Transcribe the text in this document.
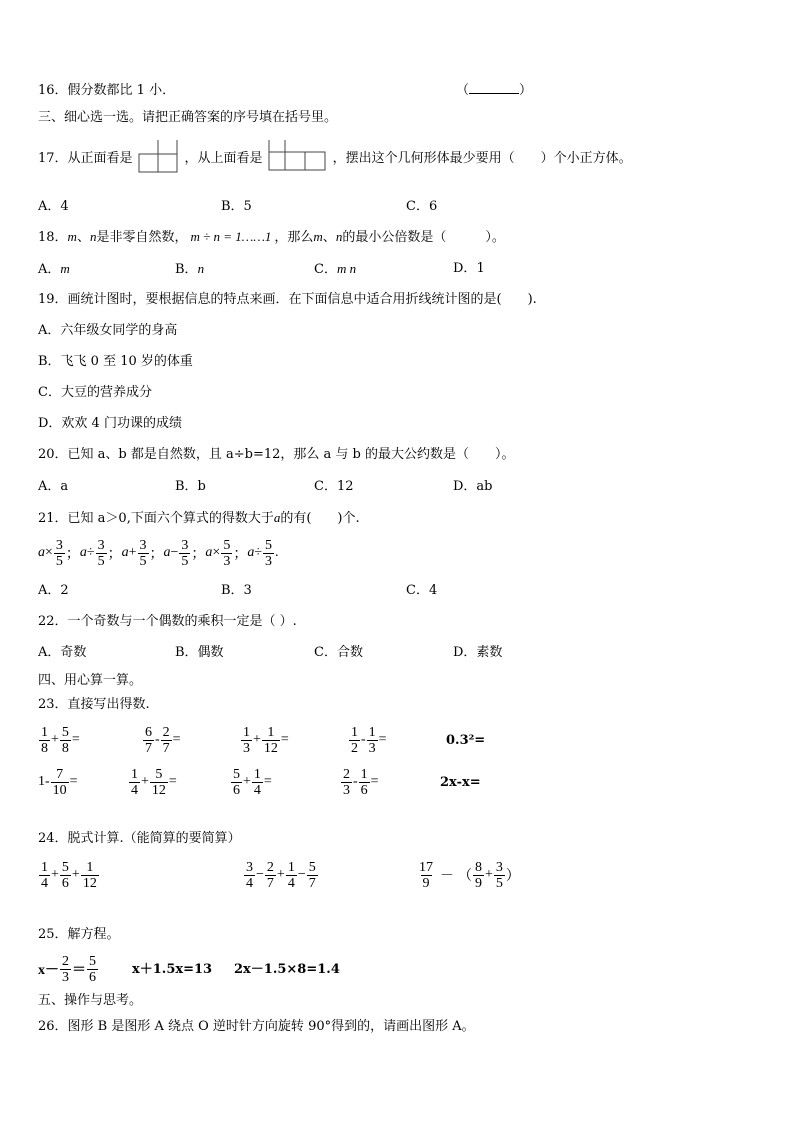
16．假分数都比 1 小．	（	）
三、细心选一选。请把正确答案的序号填在括号里。
17．从正面看是	，从上面看是	，摆出这个几何形体最少要用（　　）个小正方体。
A．4	B．5	C．6
18．m、n是非零自然数， m ÷ n = 1……1 ，那么m、n的最小公倍数是（　　　）。
A．m	B．n	C．m n	D．1
19．画统计图时，要根据信息的特点来画．在下面信息中适合用折线统计图的是(　　).
A．六年级女同学的身高
B．飞飞 0 至 10 岁的体重
C．大豆的营养成分
D．欢欢 4 门功课的成绩
20．已知 a、b 都是自然数，且 a÷b=12，那么 a 与 b 的最大公约数是（　　）。
A．a	B．b	C．12	D．ab
21．已知 a＞0,下面六个算式的得数大于a的有(　　)个.
$a \times \frac{3}{5}$ ； $a \div \frac{3}{5}$ ； $a + \frac{3}{5}$ ； $a - \frac{3}{5}$ ； $a \times \frac{5}{3}$ ； $a \div \frac{5}{3}$ .
A．2	B．3	C．4
22．一个奇数与一个偶数的乘积一定是（ ）.
A．奇数	B．偶数	C．合数	D．素数
四、用心算一算。
23．直接写出得数.
$\frac{1}{8} + \frac{5}{8}$ =	$\frac{6}{7} - \frac{2}{7}$ =	$\frac{1}{3} + \frac{1}{12}$ =	$\frac{1}{2} - \frac{1}{3}$ =	0.3²=
$1- \frac{7}{10}$ =	$\frac{1}{4} + \frac{5}{12}$ =	$\frac{5}{6} + \frac{1}{4}$ =	$\frac{2}{3} - \frac{1}{6}$ =	2x-x=
24．脱式计算.（能简算的要简算）
$\frac{1}{4} + \frac{5}{6} + \frac{1}{12}$	$\frac{3}{4} - \frac{2}{7} + \frac{1}{4} - \frac{5}{7}$	$\frac{17}{9}$ － （ $\frac{8}{9} + \frac{3}{5}$ ）
25．解方程。
$x- \frac{2}{3} = \frac{5}{6}$	x＋1.5x=13 2x－1.5×8=1.4
五、操作与思考。
26．图形 B 是图形 A 绕点 O 逆时针方向旋转 90°得到的，请画出图形 A。
